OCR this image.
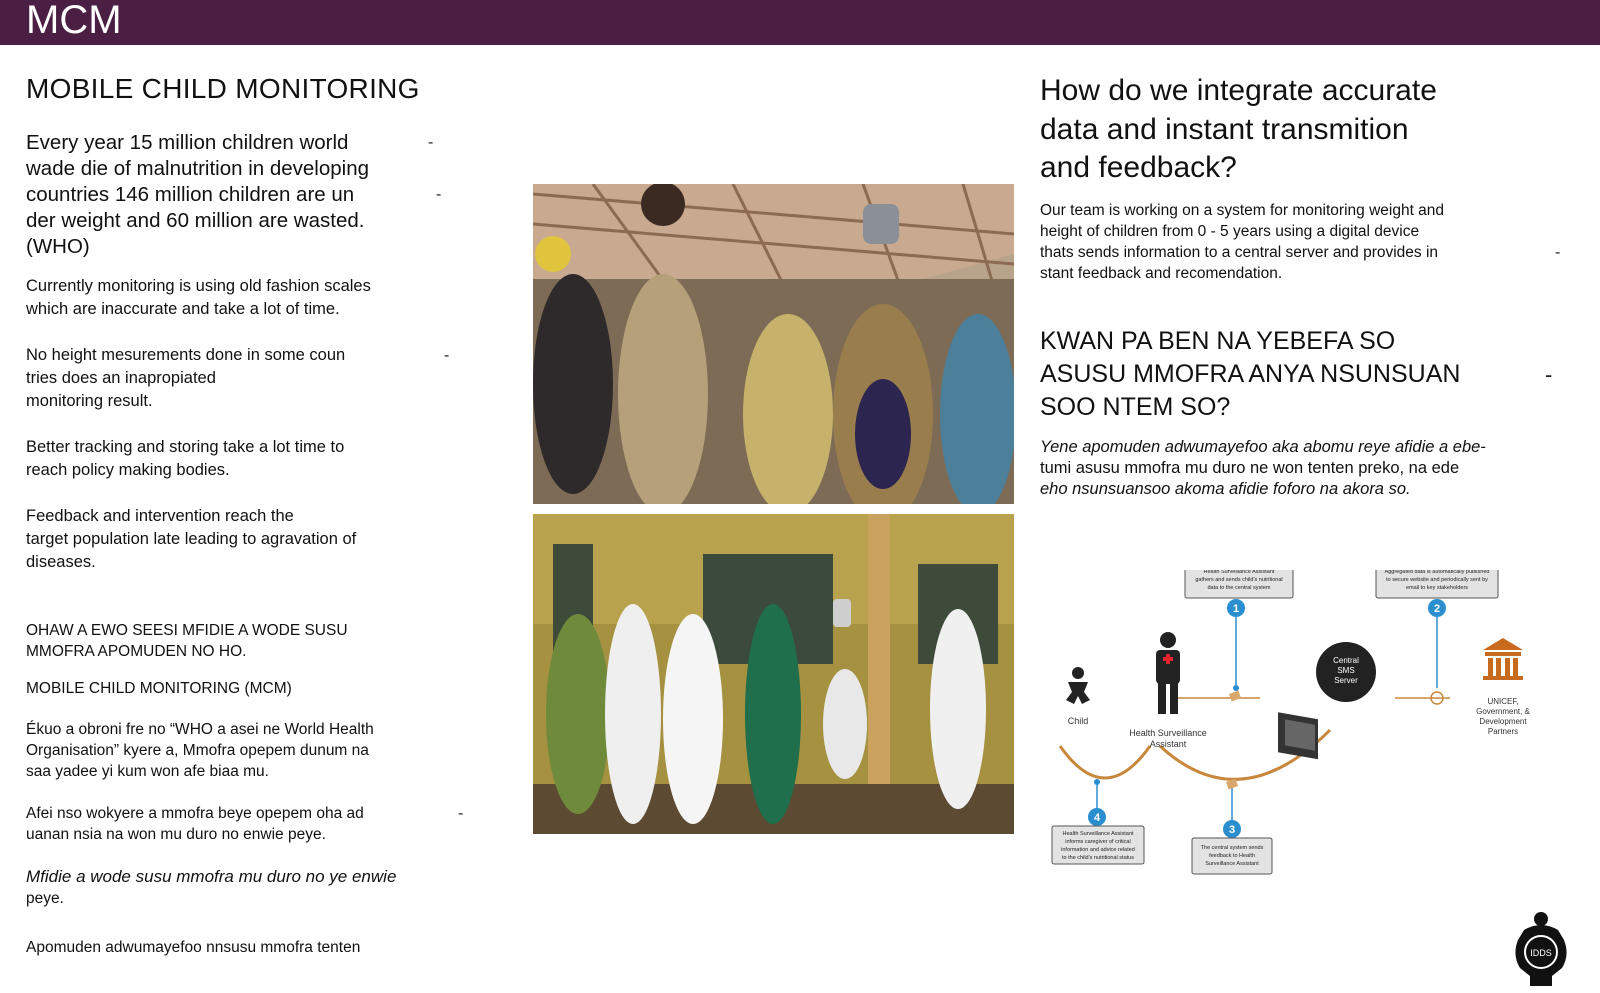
MCM
MOBILE CHILD MONITORING
Every year 15 million children world	-
wade die of malnutrition in developing
countries 146 million children are un	-
der weight and 60 million are wasted.
(WHO)
Currently monitoring is using old fashion scales
which are inaccurate and take a lot of time.
No height mesurements done in some coun	-
tries does an inapropiated
monitoring result.
Better tracking and storing take a lot time to
reach policy making bodies.
Feedback and intervention reach the
target population late leading to agravation of
diseases.
OHAW A EWO SEESI MFIDIE A WODE SUSU
MMOFRA APOMUDEN NO HO.
MOBILE CHILD MONITORING (MCM)
Ékuo a obroni fre no “WHO a asei ne World Health
Organisation” kyere a, Mmofra opepem dunum na
saa yadee yi kum won afe biaa mu.
Afei nso wokyere a mmofra beye opepem oha ad	-
uanan nsia na won mu duro no enwie peye.
Mfidie a wode susu mmofra mu duro no ye enwie
peye.
Apomuden adwumayefoo nnsusu mmofra tenten
How do we integrate accurate
data and instant transmition
and feedback?
Our team is working on a system for monitoring weight and
height of children from 0 - 5 years using a digital device
thats sends information to a central server and provides in	-
stant feedback and recomendation.
KWAN PA BEN NA YEBEFA SO
ASUSU MMOFRA ANYA NSUNSUAN	-
SOO NTEM SO?
Yene apomuden adwumayefoo aka abomu reye afidie a ebe-
tumi asusu mmofra mu duro ne won tenten preko, na ede
eho nsunsuansoo akoma afidie foforo na akora so.
Health Surveillance Assistant
gathers and sends child's nutritional
data to the central system
1
Aggregated data is automatically published
to secure website and periodically sent by
email to key stakeholders
2
Child
Health Surveillance
Assistant
Central
SMS
Server
UNICEF,
Government, &
Development
Partners
3
The central system sends
feedback to Health
Surveillance Assistant
4
Health Surveillance Assistant
informs caregiver of critical
information and advice related
to the child's nutritional status
IDDS
